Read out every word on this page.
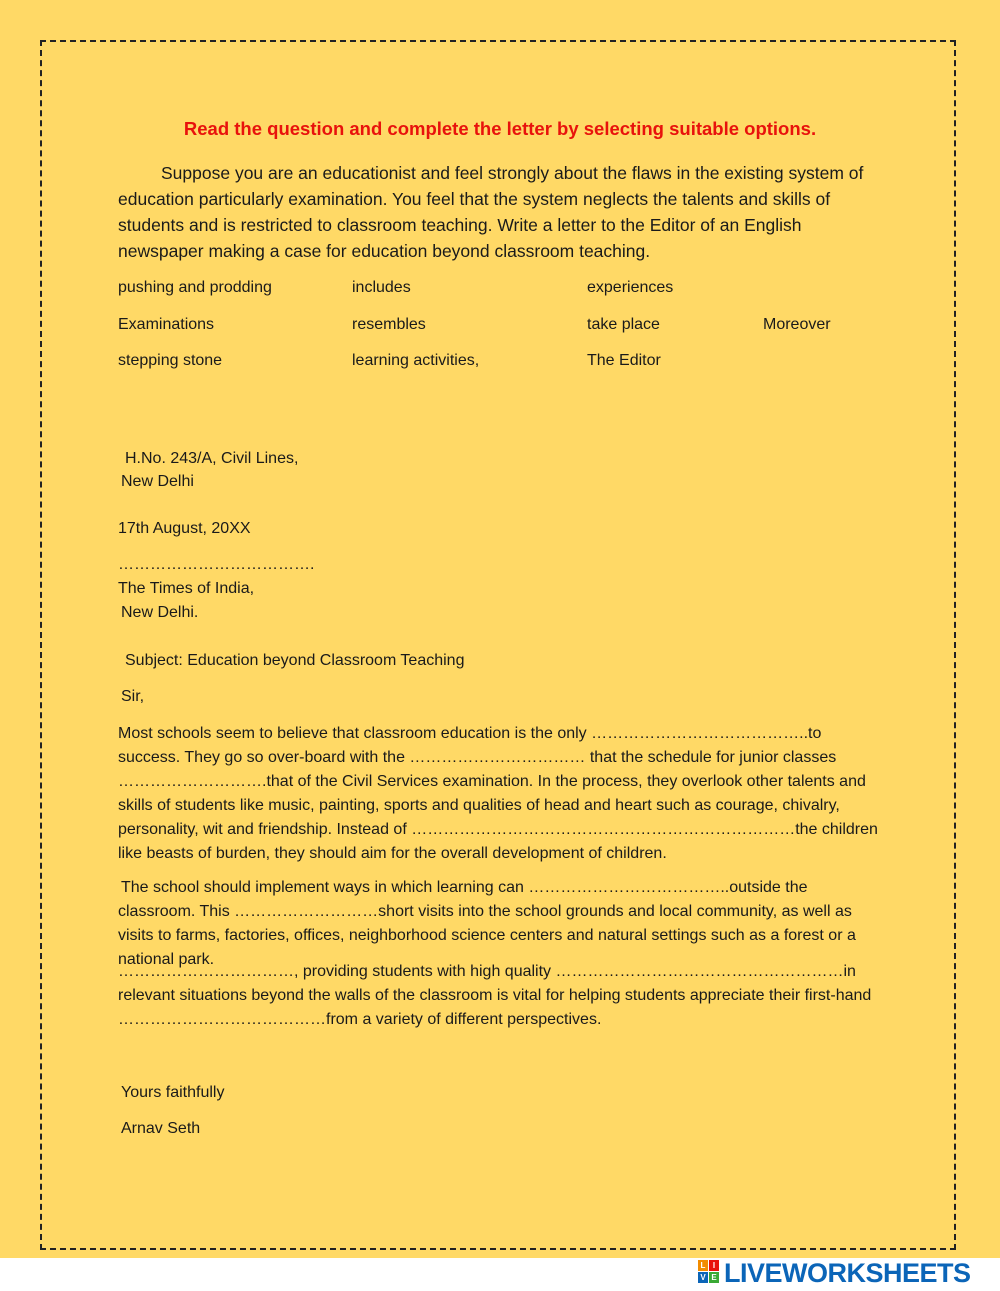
Read the question and complete the letter by selecting suitable options.
Suppose you are an educationist and feel strongly about the flaws in the existing system of education particularly examination. You feel that the system neglects the talents and skills of students and is restricted to classroom teaching. Write a letter to the Editor of an English newspaper making a case for education beyond classroom teaching.
pushing and prodding	includes	experiences
Examinations	resembles	take place	Moreover
stepping stone	learning activities,	The Editor
H.No. 243/A, Civil Lines,
New Delhi
17th August, 20XX
……………………………….
The Times of India,
New Delhi.
Subject: Education beyond Classroom Teaching
Sir,
Most schools seem to believe that classroom education is the only …………………………………..to success. They go so over-board with the …………………………… that the schedule for junior classes ……………………….that of the Civil Services examination. In the process, they overlook other talents and skills of students like music, painting, sports and qualities of head and heart such as courage, chivalry, personality, wit and friendship. Instead of ………………………………………………………………the children like beasts of burden, they should aim for the overall development of children.
The school should implement ways in which learning can ………………………………..outside the classroom. This ………………………short visits into the school grounds and local community, as well as visits to farms, factories, offices, neighborhood science centers and natural settings such as a forest or a national park.
……………………………, providing students with high quality ………………………………………………in relevant situations beyond the walls of the classroom is vital for helping students appreciate their first-hand …………………………………from a variety of different perspectives.
Yours faithfully
Arnav Seth
L I
V E LIVEWORKSHEETS
